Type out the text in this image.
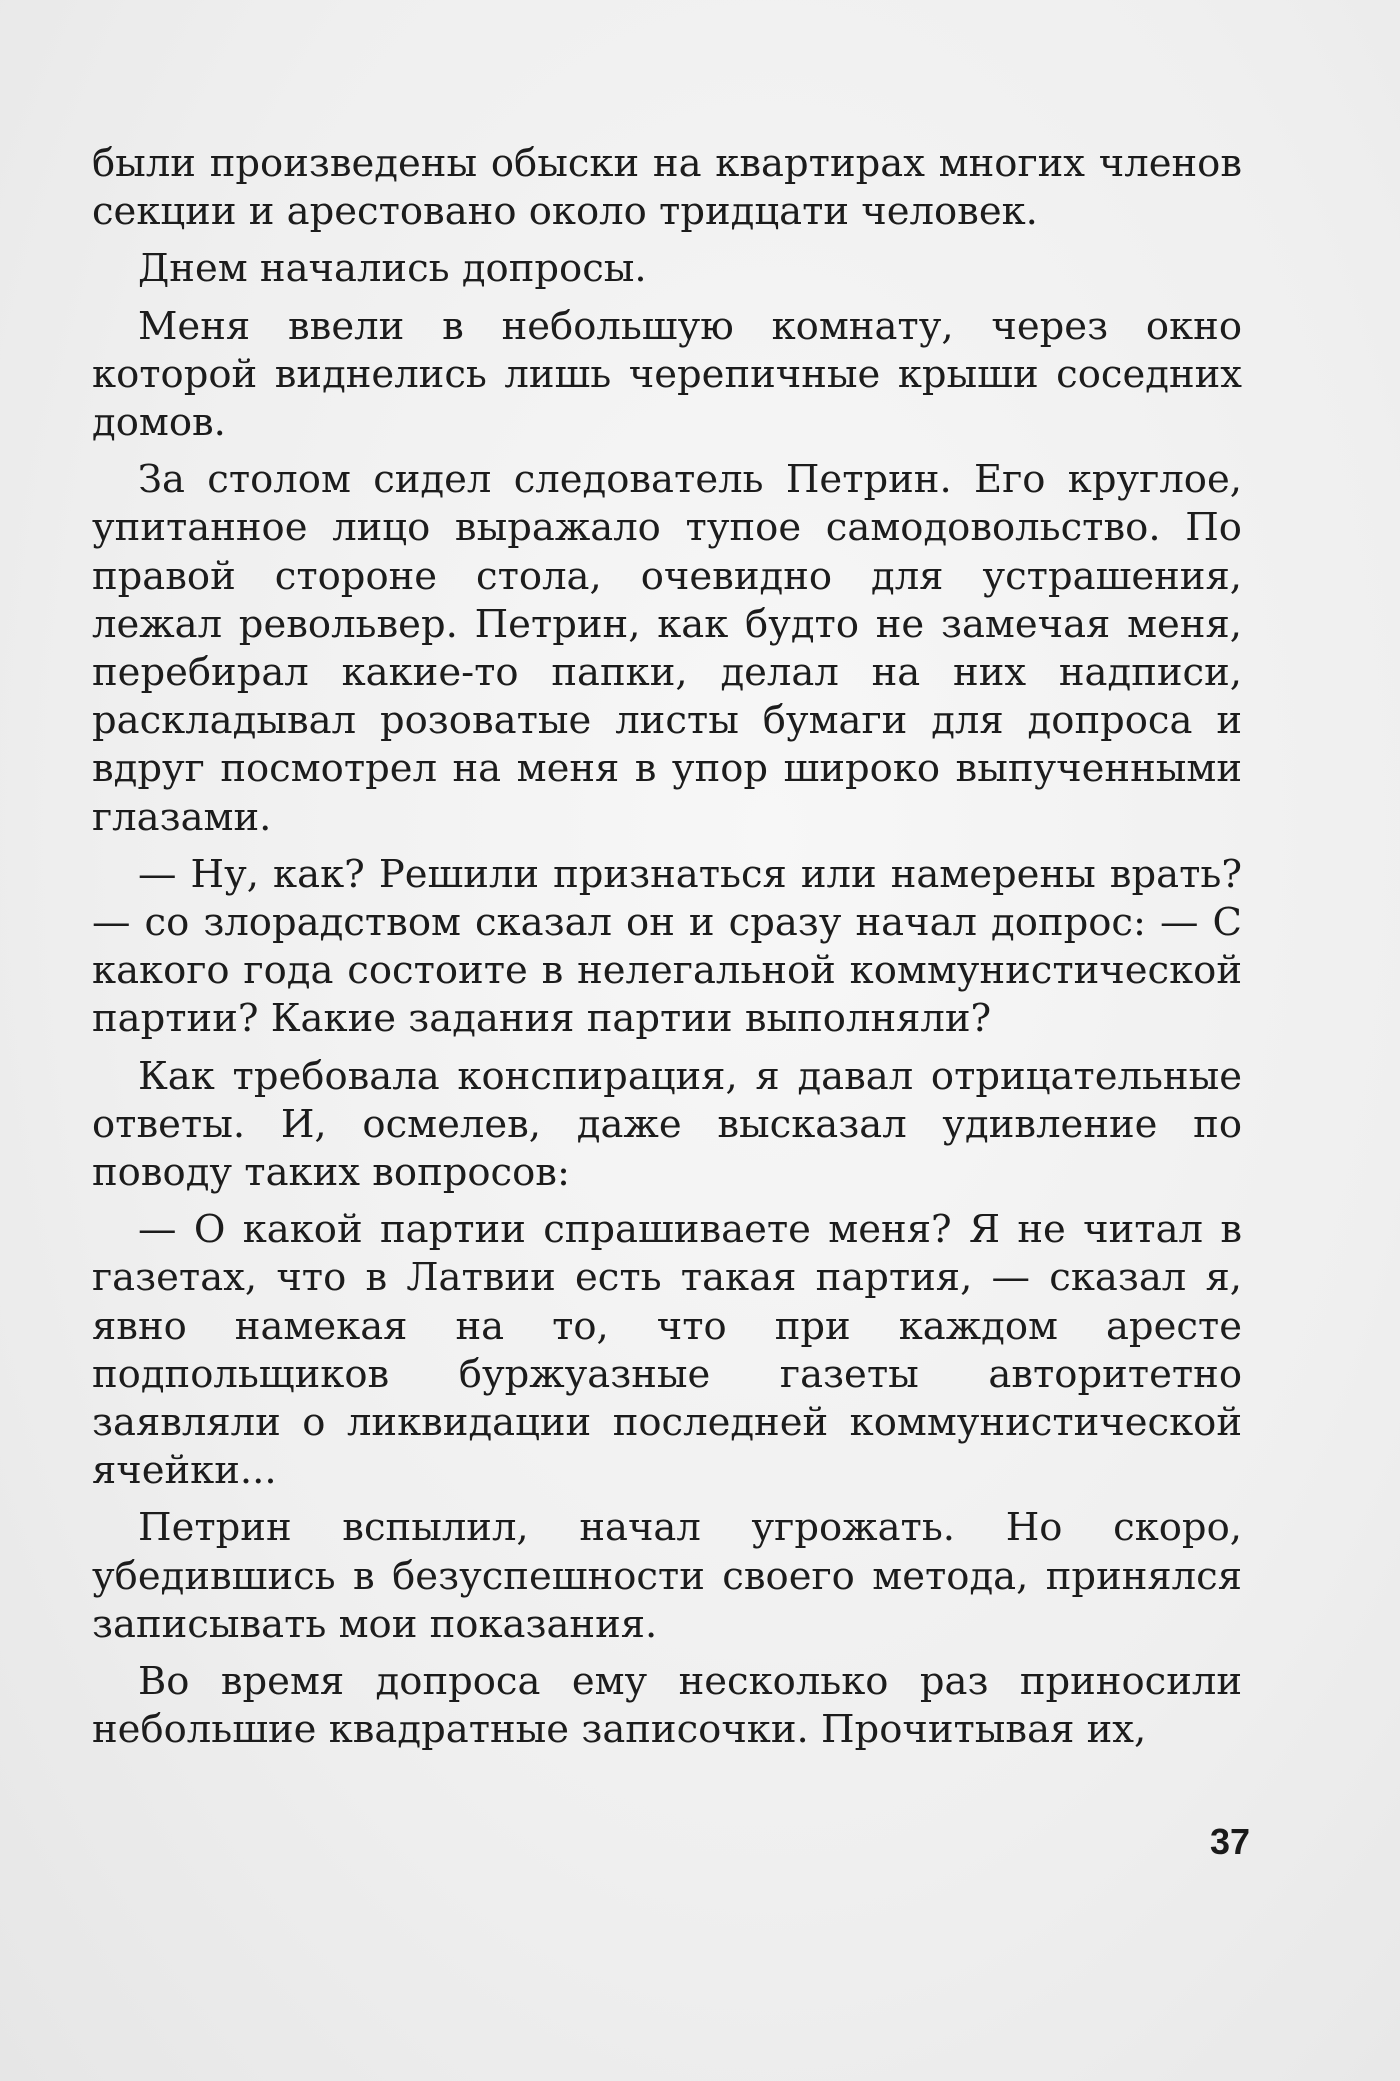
были произведены обыски на квартирах многих членов секции и арестовано около тридцати человек.

Днем начались допросы.

Меня ввели в небольшую комнату, через окно которой виднелись лишь черепичные крыши соседних домов.

За столом сидел следователь Петрин. Его круглое, упитанное лицо выражало тупое самодовольство. По правой стороне стола, очевидно для устрашения, лежал револьвер. Петрин, как будто не замечая меня, перебирал какие-то папки, делал на них надписи, раскладывал розоватые листы бумаги для допроса и вдруг посмотрел на меня в упор широко выпученными глазами.

— Ну, как? Решили признаться или намерены врать? — со злорадством сказал он и сразу начал допрос: — С какого года состоите в нелегальной коммунистической партии? Какие задания партии выполняли?

Как требовала конспирация, я давал отрицательные ответы. И, осмелев, даже высказал удивление по поводу таких вопросов:

— О какой партии спрашиваете меня? Я не читал в газетах, что в Латвии есть такая партия, — сказал я, явно намекая на то, что при каждом аресте подпольщиков буржуазные газеты авторитетно заявляли о ликвидации последней коммунистической ячейки...

Петрин вспылил, начал угрожать. Но скоро, убедившись в безуспешности своего метода, принялся записывать мои показания.

Во время допроса ему несколько раз приносили небольшие квадратные записочки. Прочитывая их,

37
